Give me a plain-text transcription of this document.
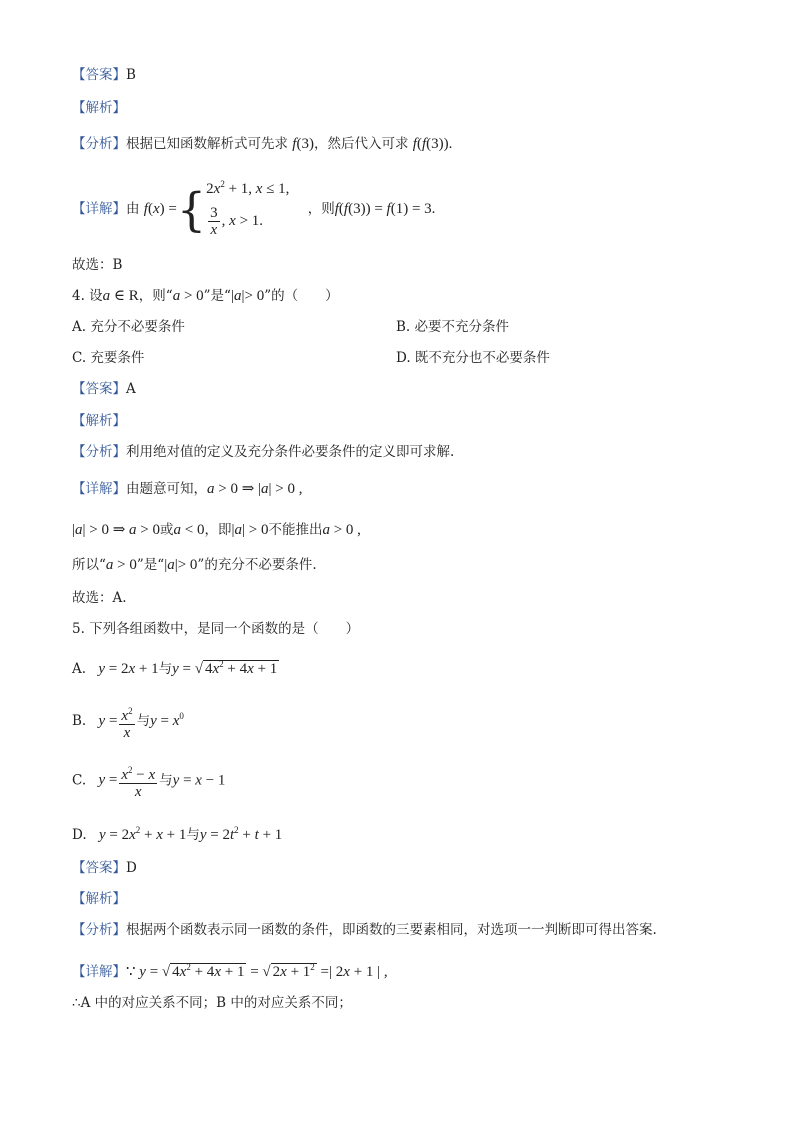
【答案】B
【解析】
【分析】根据已知函数解析式可先求 f(3)，然后代入可求 f(f(3)).
【详解】由 f(x) ={ $2x^2 + 1$, x ≤ 1,
$\frac{3}{x}$ , x > 1.
，则f(f(3)) = f(1) = 3.
故选：B
4. 设a ∈ R，则“a > 0”是“|a|> 0”的（　　）
A. 充分不必要条件	B. 必要不充分条件
C. 充要条件	D. 既不充分也不必要条件
【答案】A
【解析】
【分析】利用绝对值的定义及充分条件必要条件的定义即可求解.
【详解】由题意可知，a > 0 ⇒ |a| > 0 ,
|a| > 0 ⇒ a > 0或a < 0，即|a| > 0不能推出a > 0 ,
所以“a > 0”是“|a|> 0”的充分不必要条件.
故选：A.
5. 下列各组函数中，是同一个函数的是（　　）
A. y = 2x + 1与y = √ $4x^2 + 4x + 1$
B. $y = \frac{x^2}{x}$ 与$y = x^0$
C. $y = \frac{x^2 - x}{x}$ 与y = x − 1
D. $y = 2x^2 + x + 1$与$y = 2t^2 + t + 1$
【答案】D
【解析】
【分析】根据两个函数表示同一函数的条件，即函数的三要素相同，对选项一一判断即可得出答案.
【详解】∵ y = √ $4x^2 + 4x + 1$ = √ $2x + 1^2$ =| 2x + 1 | ,
∴A 中的对应关系不同；B 中的对应关系不同；
